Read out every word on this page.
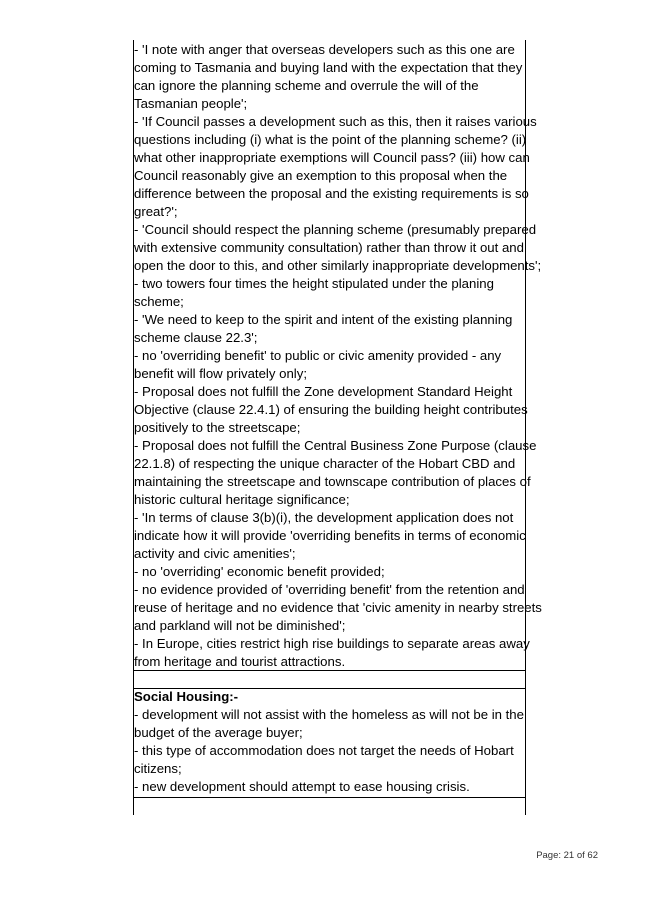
- 'I note with anger that overseas developers such as this one are
coming to Tasmania and buying land with the expectation that they
can ignore the planning scheme and overrule the will of the
Tasmanian people';
- 'If Council passes a development such as this, then it raises various
questions including (i) what is the point of the planning scheme? (ii)
what other inappropriate exemptions will Council pass? (iii) how can
Council reasonably give an exemption to this proposal when the
difference between the proposal and the existing requirements is so
great?';
- 'Council should respect the planning scheme (presumably prepared
with extensive community consultation) rather than throw it out and
open the door to this, and other similarly inappropriate developments';
- two towers four times the height stipulated under the planing
scheme;
- 'We need to keep to the spirit and intent of the existing planning
scheme clause 22.3';
- no 'overriding benefit' to public or civic amenity provided - any
benefit will flow privately only;
- Proposal does not fulfill the Zone development Standard Height
Objective (clause 22.4.1) of ensuring the building height contributes
positively to the streetscape;
- Proposal does not fulfill the Central Business Zone Purpose (clause
22.1.8) of respecting the unique character of the Hobart CBD and
maintaining the streetscape and townscape contribution of places of
historic cultural heritage significance;
- 'In terms of clause 3(b)(i), the development application does not
indicate how it will provide 'overriding benefits in terms of economic
activity and civic amenities';
- no 'overriding' economic benefit provided;
- no evidence provided of 'overriding benefit' from the retention and
reuse of heritage and no evidence that 'civic amenity in nearby streets
and parkland will not be diminished';
- In Europe, cities restrict high rise buildings to separate areas away
from heritage and tourist attractions.
Social Housing:-
- development will not assist with the homeless as will not be in the
budget of the average buyer;
- this type of accommodation does not target the needs of Hobart
citizens;
- new development should attempt to ease housing crisis.
Page: 21 of 62
